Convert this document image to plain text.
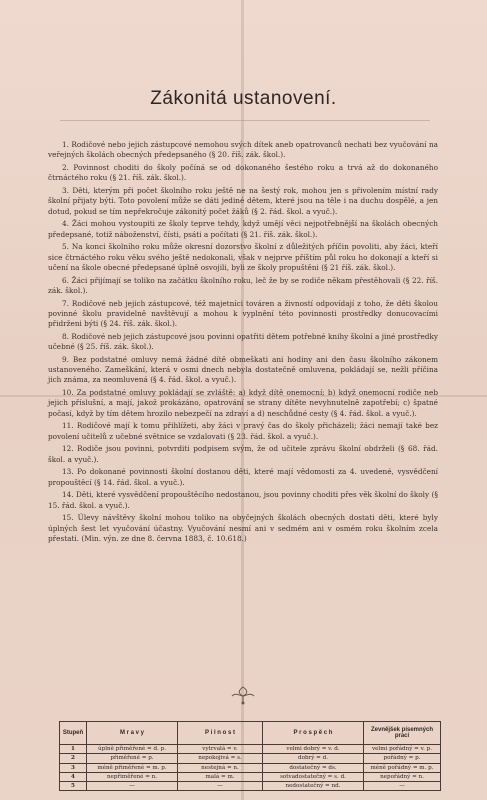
Zákonitá ustanovení.

1. Rodičové nebo jejich zástupcové nemohou svých dítek aneb opatrovanců nechati bez vyučování na veřejných školách obecných předepsaného (§ 20. říš. zák. škol.).

2. Povinnost choditi do školy počíná se od dokonaného šestého roku a trvá až do dokonaného čtrnáctého roku (§ 21. říš. zák. škol.).

3. Děti, kterým při počet školního roku ještě ne na šestý rok, mohou jen s přivolením místní rady školní přijaty býti. Toto povolení může se dáti jediné dětem, které jsou na těle i na duchu dospělé, a jen dotud, pokud se tím nepřekročuje zákonitý počet žáků (§ 2. řád. škol. a vyuč.).

4. Žáci mohou vystoupiti ze školy teprve tehdy, když umějí věci nejpotřebnější na školách obecných předepsané, totiž náboženství, čísti, psáti a počítati (§ 21. říš. zák. škol.).

5. Na konci školního roku může okresní dozorstvo školní z důležitých příčin povoliti, aby žáci, kteří sice čtrnáctého roku věku svého ještě nedokonali, však v nejprve příštím půl roku ho dokonají a kteří si učení na škole obecné předepsané úplně osvojili, byli ze školy propuštěni (§ 21 říš. zák. škol.).

6. Žáci přijímají se toliko na začátku školního roku, leč že by se rodiče někam přestěhovali (§ 22. říš. zák. škol.).

7. Rodičové neb jejich zástupcové, též majetníci továren a živností odpovídají z toho, že děti školou povinné školu pravidelně navštěvují a mohou k vyplnění této povinnosti prostředky donucovacími přidrženi býti (§ 24. říš. zák. škol.).

8. Rodičové neb jejich zástupcové jsou povinni opatřiti dětem potřebné knihy školní a jiné prostředky učebné (§ 25. říš. zák. škol.).

9. Bez podstatné omluvy nemá žádné dítě obmeškati ani hodiny ani den času školního zákonem ustanoveného. Zameškání, která v osmi dnech nebyla dostatečně omluvena, pokládají se, nežli příčina jich známa, za neomluvená (§ 4. řád. škol. a vyuč.).

10. Za podstatné omluvy pokládají se zvláště: a) když dítě onemocní; b) když onemocní rodiče neb jejich příslušní, a mají, jakož prokázáno, opatrování se strany dítěte nevyhnutelně zapotřebí; c) špatné počasí, když by tím dětem hrozilo nebezpečí na zdraví a d) neschůdné cesty (§ 4. řád. škol. a vyuč.).

11. Rodičové mají k tomu přihlížeti, aby žáci v pravý čas do školy přicházeli; žáci nemají také bez povolení učitelů z učebné světnice se vzdalovati (§ 23. řád. škol. a vyuč.).

12. Rodiče jsou povinni, potvrditi podpisem svým, že od učitele zprávu školní obdrželi (§ 68. řád. škol. a vyuč.).

13. Po dokonané povinnosti školní dostanou děti, které mají vědomosti za 4. uvedené, vysvědčení propouštěcí (§ 14. řád. škol. a vyuč.).

14. Děti, které vysvědčení propouštěcího nedostanou, jsou povinny choditi přes věk školní do školy (§ 15. řád. škol. a vyuč.).

15. Úlevy návštěvy školní mohou toliko na obyčejných školách obecných dostati děti, které byly úplných šest let vyučování účastny. Vyučování nesmí ani v sedmém ani v osmém roku školním zcela přestati. (Min. výn. ze dne 8. června 1883, č. 10.618.)

Stupeň	M r a v y	P i l n o s t	P r o s p ě c h	Zevnějšek písemných prací
1	úplně přiměřené = d. p.	vytrvalá = v.	velmi dobrý = v. d.	velmi pořádný = v. p.
2	přiměřené = p.	nepokojivá = s.	dobrý = d.	pořádný = p.
3	méně přiměřené = m. p.	nestejná = n.	dostatečný = ds.	méně pořádný = m. p.
4	nepřiměřené = n.	malá = m.	sotvadostatečný = s. d.	nepořádný = n.
5	—	—	nedostatečný = nd.	—
